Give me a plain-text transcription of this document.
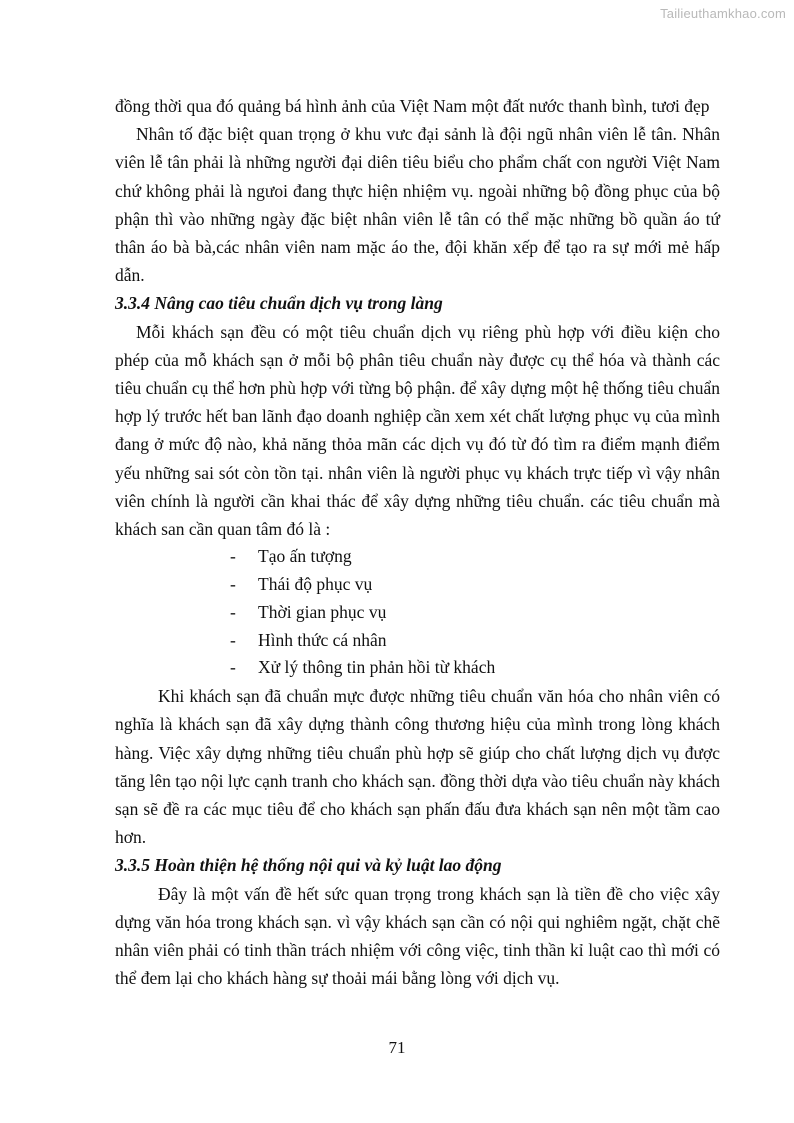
Tailieuthamkhao.com

đồng thời qua đó quảng bá hình ảnh của Việt Nam một đất nước thanh bình, tươi đẹp

Nhân tố đặc biệt quan trọng ở khu vưc đại sảnh là đội ngũ nhân viên lễ tân. Nhân viên lễ tân phải là những người đại diên tiêu biểu cho phẩm chất con người Việt Nam chứ không phải là ngưoi đang thực hiện nhiệm vụ. ngoài những bộ đồng phục của bộ phận thì vào những ngày đặc biệt nhân viên lễ tân có thể mặc những bồ quần áo tứ thân áo bà bà,các nhân viên nam mặc áo the, đội khăn xếp để tạo ra sự mới mẻ hấp dẫn.

3.3.4 Nâng cao tiêu chuẩn dịch vụ trong làng

Mỗi khách sạn đều có một tiêu chuẩn dịch vụ riêng phù hợp với điều kiện cho phép của mỗ khách sạn ở mỗi bộ phân tiêu chuẩn này được cụ thể hóa và thành các tiêu chuẩn cụ thể hơn phù hợp với từng bộ phận. để xây dựng một hệ thống tiêu chuẩn hợp lý trước hết ban lãnh đạo doanh nghiệp cần xem xét chất lượng phục vụ của mình đang ở mức độ nào, khả năng thỏa mãn các dịch vụ đó từ đó tìm ra điểm mạnh điểm yếu những sai sót còn tồn tại. nhân viên là người phục vụ khách trực tiếp vì vậy nhân viên chính là người cần khai thác để xây dựng những tiêu chuẩn. các tiêu chuẩn mà khách san cần quan tâm đó là :

- Tạo ấn tượng
- Thái độ phục vụ
- Thời gian phục vụ
- Hình thức cá nhân
- Xử lý thông tin phản hồi từ khách

Khi khách sạn đã chuẩn mực được những tiêu chuẩn văn hóa cho nhân viên có nghĩa là khách sạn đã xây dựng thành công thương hiệu của mình trong lòng khách hàng. Việc xây dựng những tiêu chuẩn phù hợp sẽ giúp cho chất lượng dịch vụ được tăng lên tạo nội lực cạnh tranh cho khách sạn. đồng thời dựa vào tiêu chuẩn này khách sạn sẽ đề ra các mục tiêu để cho khách sạn phấn đấu đưa khách sạn nên một tầm cao hơn.

3.3.5 Hoàn thiện hệ thống nội qui và kỷ luật lao động

Đây là một vấn đề hết sức quan trọng trong khách sạn là tiền đề cho việc xây dựng văn hóa trong khách sạn. vì vậy khách sạn cần có nội qui nghiêm ngặt, chặt chẽ nhân viên phải có tinh thần trách nhiệm với công việc, tinh thần kỉ luật cao thì mới có thể đem lại cho khách hàng sự thoải mái bằng lòng với dịch vụ.

71
